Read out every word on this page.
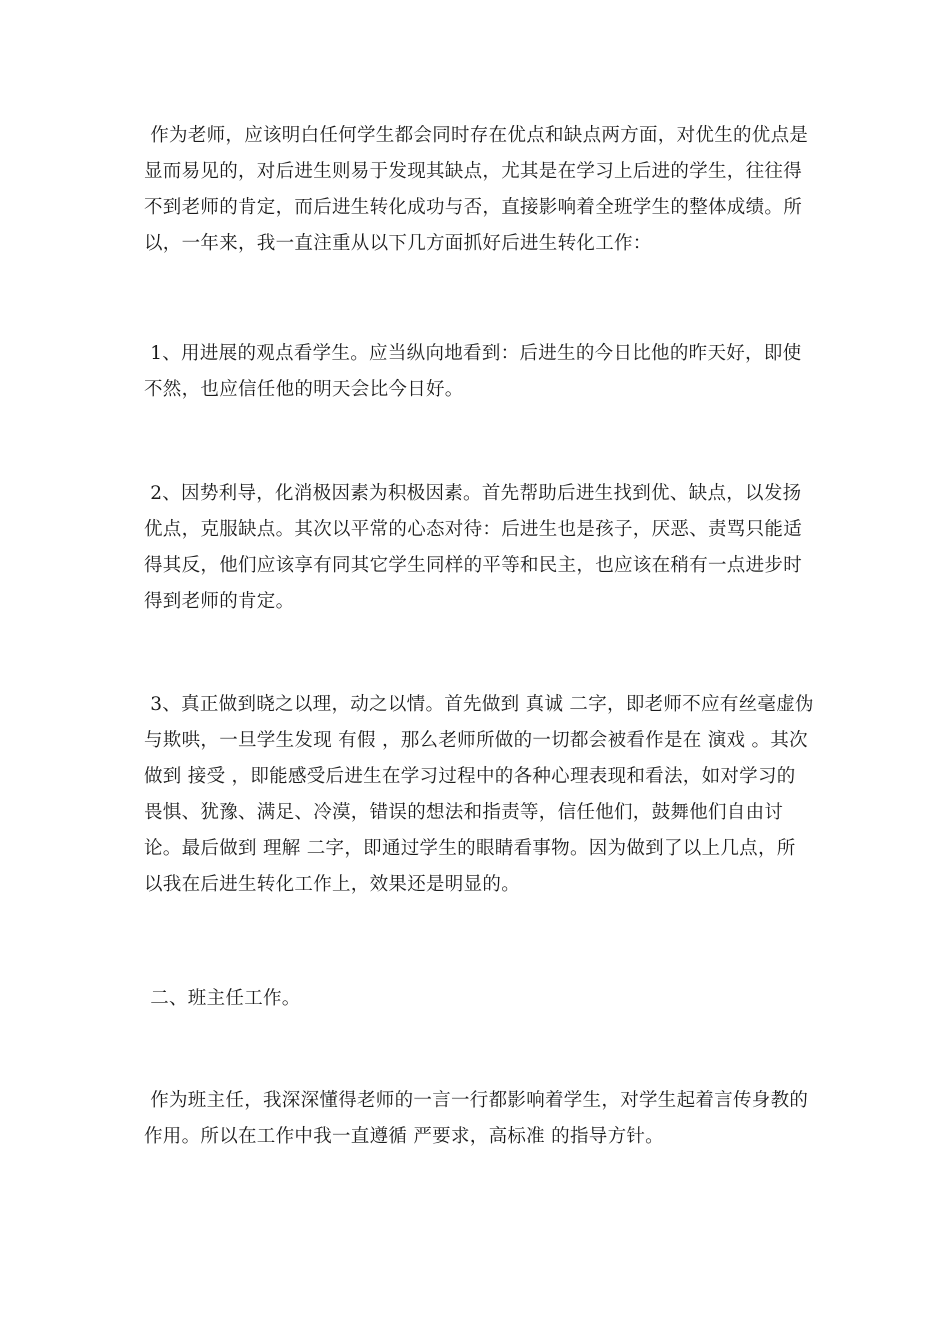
作为老师，应该明白任何学生都会同时存在优点和缺点两方面，对优生的优点是显而易见的，对后进生则易于发现其缺点，尤其是在学习上后进的学生，往往得不到老师的肯定，而后进生转化成功与否，直接影响着全班学生的整体成绩。所以，一年来，我一直注重从以下几方面抓好后进生转化工作：

1、用进展的观点看学生。应当纵向地看到：后进生的今日比他的昨天好，即使不然，也应信任他的明天会比今日好。

2、因势利导，化消极因素为积极因素。首先帮助后进生找到优、缺点，以发扬优点，克服缺点。其次以平常的心态对待：后进生也是孩子，厌恶、责骂只能适得其反，他们应该享有同其它学生同样的平等和民主，也应该在稍有一点进步时得到老师的肯定。

3、真正做到晓之以理，动之以情。首先做到 真诚 二字，即老师不应有丝毫虚伪与欺哄，一旦学生发现 有假 ，那么老师所做的一切都会被看作是在 演戏 。其次做到 接受 ，即能感受后进生在学习过程中的各种心理表现和看法，如对学习的畏惧、犹豫、满足、冷漠，错误的想法和指责等，信任他们，鼓舞他们自由讨论。最后做到 理解 二字，即通过学生的眼睛看事物。因为做到了以上几点，所以我在后进生转化工作上，效果还是明显的。

二、班主任工作。

作为班主任，我深深懂得老师的一言一行都影响着学生，对学生起着言传身教的作用。所以在工作中我一直遵循 严要求，高标准 的指导方针。
